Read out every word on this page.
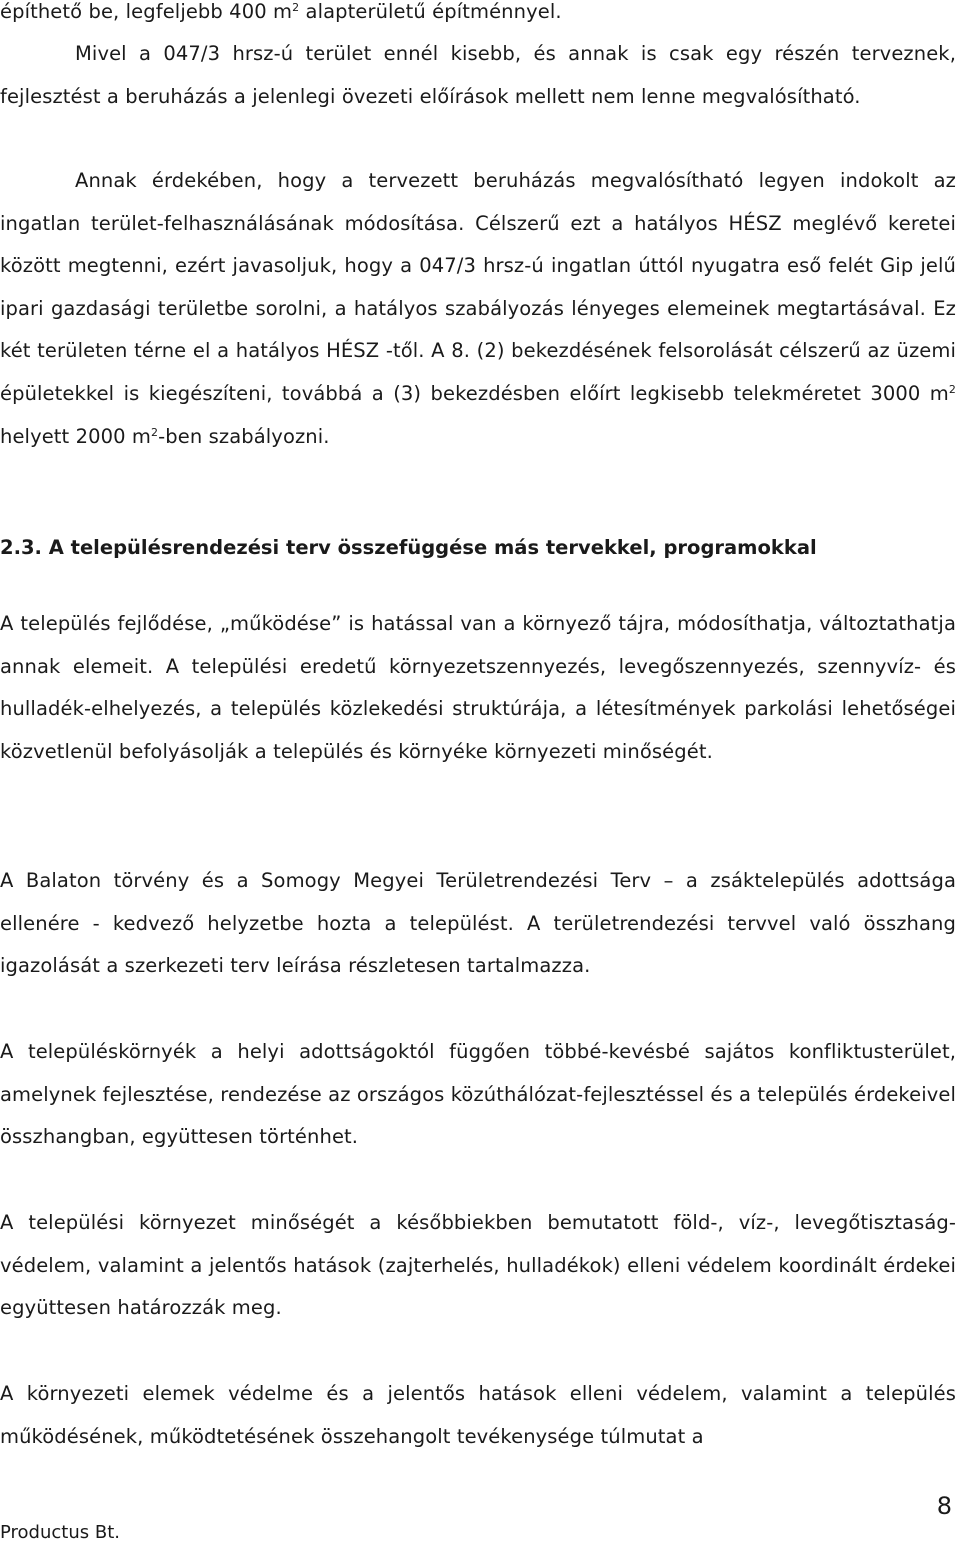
építhető be, legfeljebb 400 $m^2$ alapterületű építménnyel.

Mivel a 047/3 hrsz-ú terület ennél kisebb, és annak is csak egy részén terveznek, fejlesztést a beruházás a jelenlegi övezeti előírások mellett nem lenne megvalósítható.

Annak érdekében, hogy a tervezett beruházás megvalósítható legyen indokolt az ingatlan terület-felhasználásának módosítása. Célszerű ezt a hatályos HÉSZ meglévő keretei között megtenni, ezért javasoljuk, hogy a 047/3 hrsz-ú ingatlan úttól nyugatra eső felét Gip jelű ipari gazdasági területbe sorolni, a hatályos szabályozás lényeges elemeinek megtartásával. Ez két területen térne el a hatályos HÉSZ -től. A 8. (2) bekezdésének felsorolását célszerű az üzemi épületekkel is kiegészíteni, továbbá a (3) bekezdésben előírt legkisebb telekméretet 3000 $m^2$ helyett 2000 $m^2$-ben szabályozni.

2.3. A településrendezési terv összefüggése más tervekkel, programokkal

A település fejlődése, „működése” is hatással van a környező tájra, módosíthatja, változtathatja annak elemeit. A települési eredetű környezetszennyezés, levegőszennyezés, szennyvíz- és hulladék-elhelyezés, a település közlekedési struktúrája, a létesítmények parkolási lehetőségei közvetlenül befolyásolják a település és környéke környezeti minőségét.

A Balaton törvény és a Somogy Megyei Területrendezési Terv – a zsáktelepülés adottsága ellenére - kedvező helyzetbe hozta a települést. A területrendezési tervvel való összhang igazolását a szerkezeti terv leírása részletesen tartalmazza.

A településkörnyék a helyi adottságoktól függően többé-kevésbé sajátos konfliktusterület, amelynek fejlesztése, rendezése az országos közúthálózat-fejlesztéssel és a település érdekeivel összhangban, együttesen történhet.

A települési környezet minőségét a későbbiekben bemutatott föld-, víz-, levegőtisztaság-védelem, valamint a jelentős hatások (zajterhelés, hulladékok) elleni védelem koordinált érdekei együttesen határozzák meg.

A környezeti elemek védelme és a jelentős hatások elleni védelem, valamint a település működésének, működtetésének összehangolt tevékenysége túlmutat a

Productus Bt.
8
